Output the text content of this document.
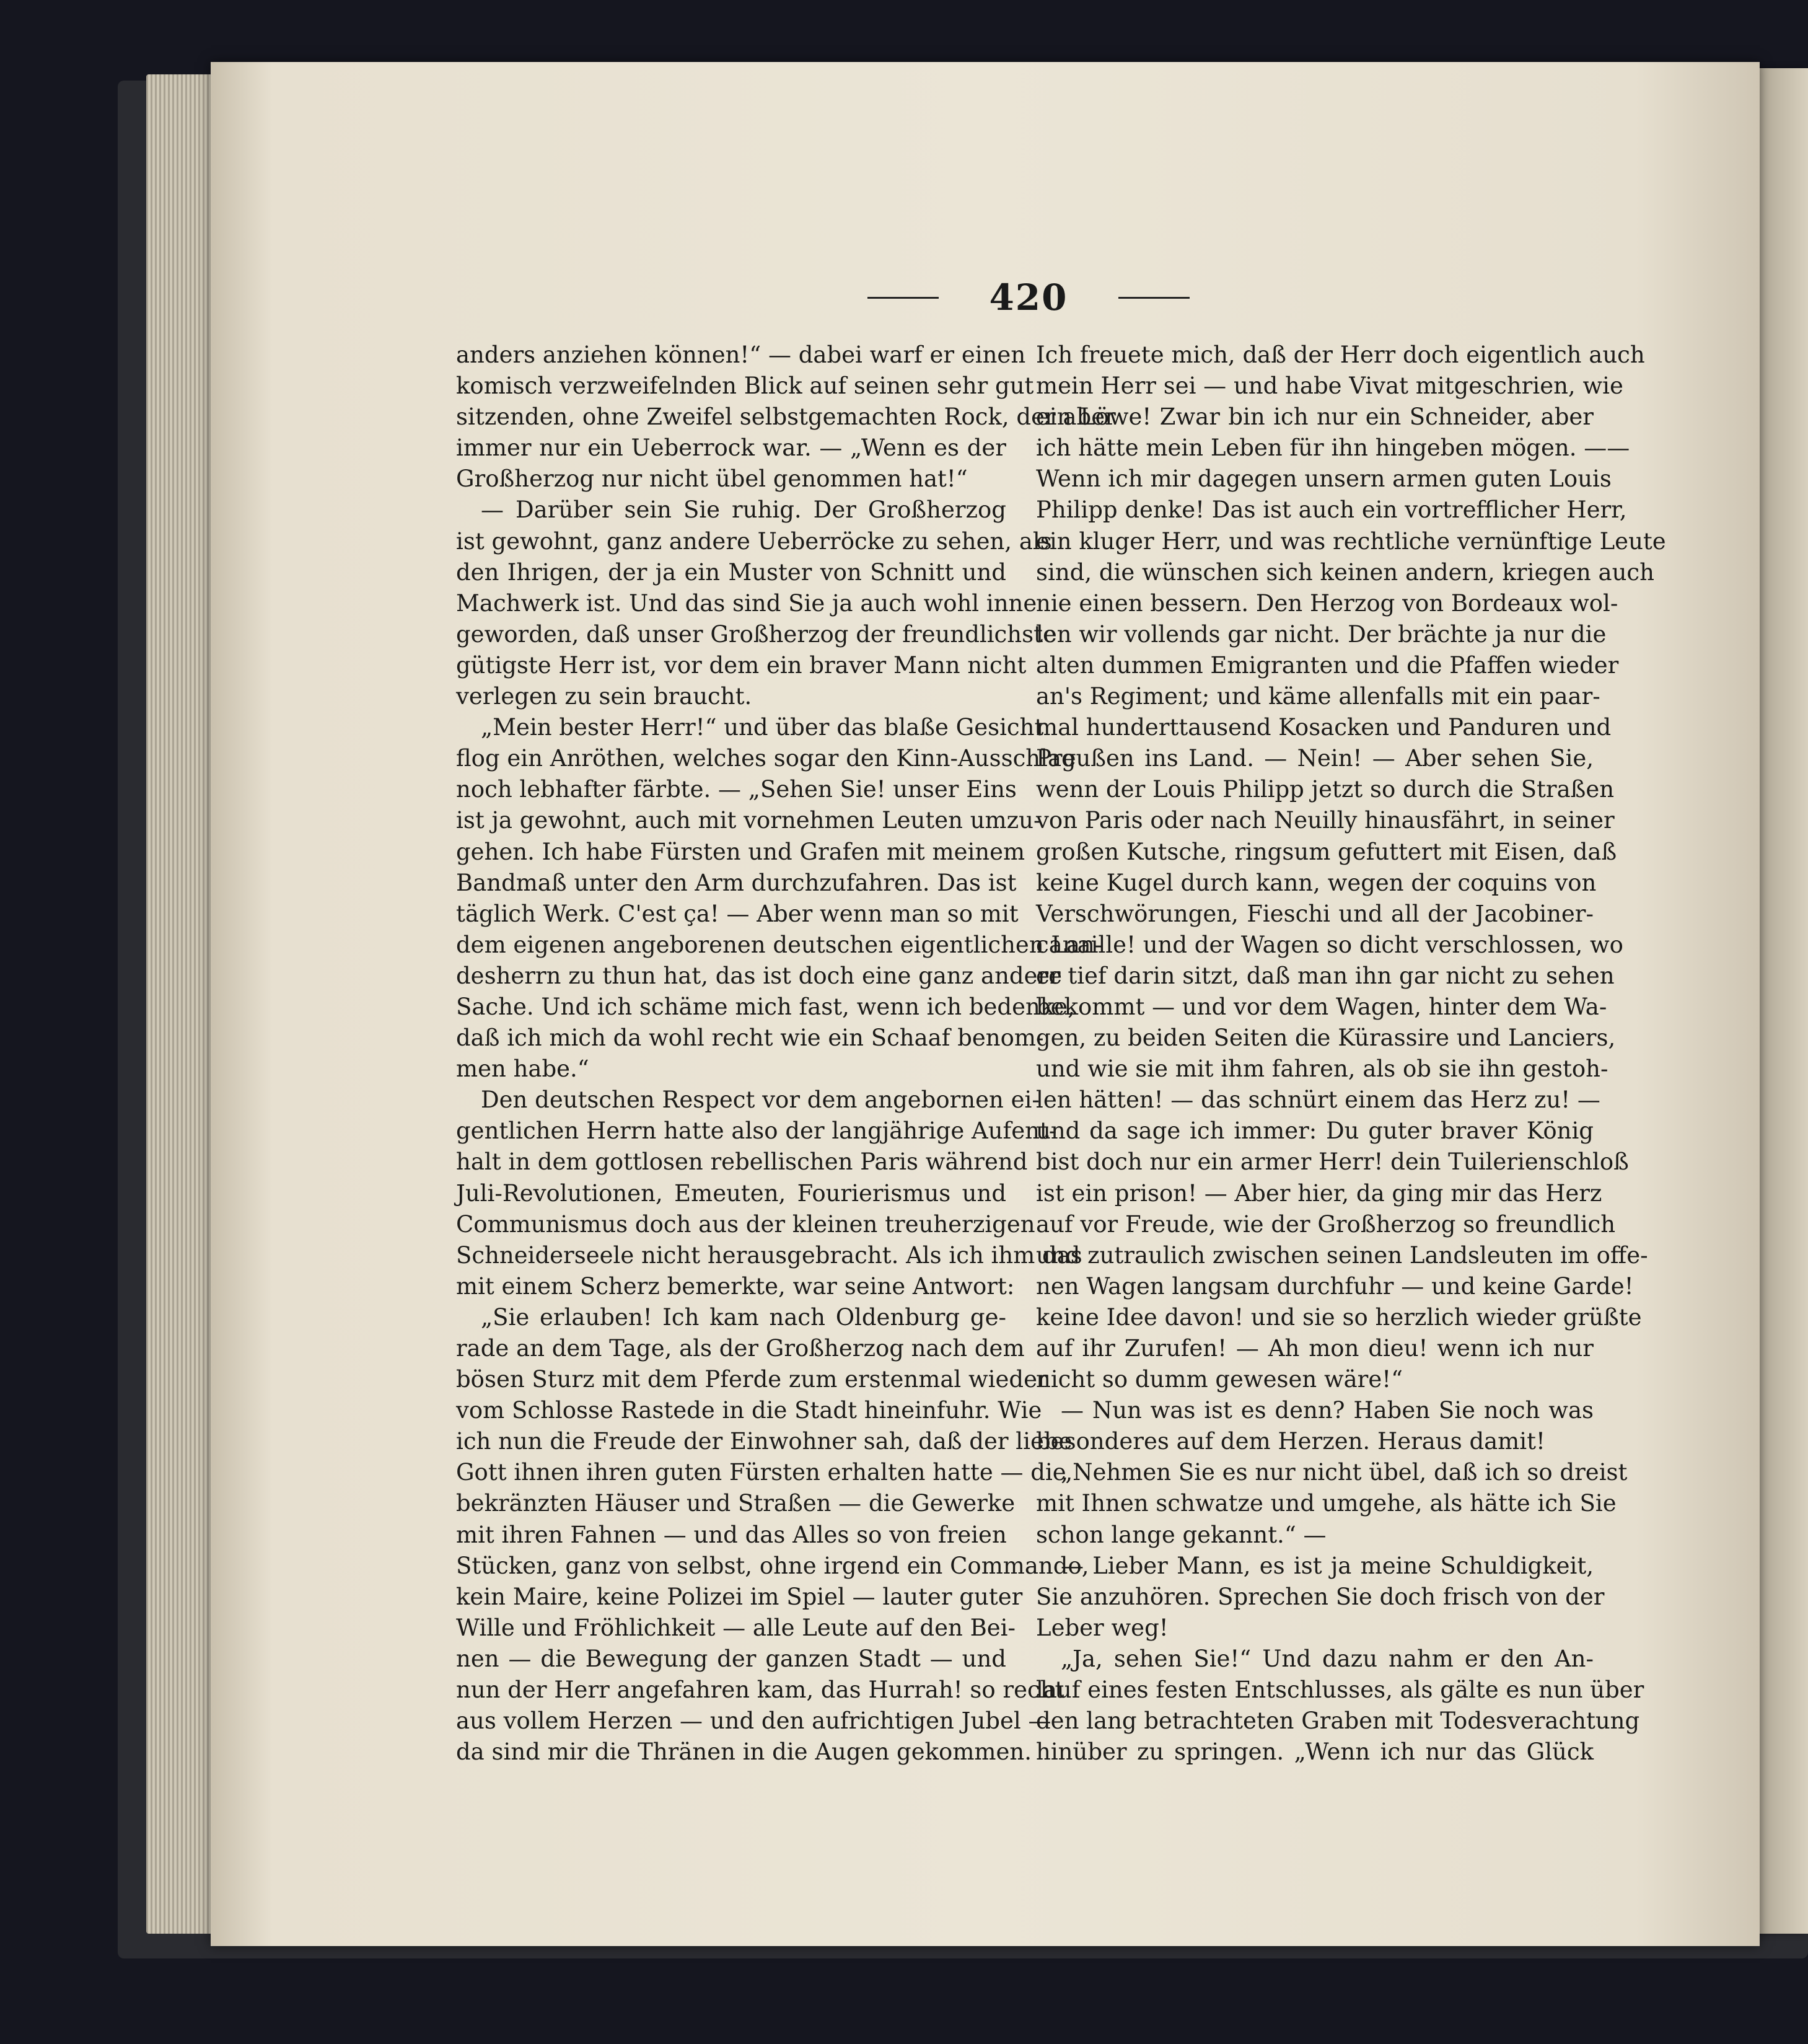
420
anders anziehen können!“ — dabei warf er einen
komisch verzweifelnden Blick auf seinen sehr gut
sitzenden, ohne Zweifel selbstgemachten Rock, der aber
immer nur ein Ueberrock war. — „Wenn es der
Großherzog nur nicht übel genommen hat!“
— Darüber sein Sie ruhig. Der Großherzog
ist gewohnt, ganz andere Ueberröcke zu sehen, als
den Ihrigen, der ja ein Muster von Schnitt und
Machwerk ist. Und das sind Sie ja auch wohl inne
geworden, daß unser Großherzog der freundlichste
gütigste Herr ist, vor dem ein braver Mann nicht
verlegen zu sein braucht.
„Mein bester Herr!“ und über das blaße Gesicht
flog ein Anröthen, welches sogar den Kinn-Ausschlag
noch lebhafter färbte. — „Sehen Sie! unser Eins
ist ja gewohnt, auch mit vornehmen Leuten umzu-
gehen. Ich habe Fürsten und Grafen mit meinem
Bandmaß unter den Arm durchzufahren. Das ist
täglich Werk. C'est ça! — Aber wenn man so mit
dem eigenen angeborenen deutschen eigentlichen Lan-
desherrn zu thun hat, das ist doch eine ganz andere
Sache. Und ich schäme mich fast, wenn ich bedenke,
daß ich mich da wohl recht wie ein Schaaf benom-
men habe.“
Den deutschen Respect vor dem angebornen ei-
gentlichen Herrn hatte also der langjährige Aufent-
halt in dem gottlosen rebellischen Paris während
Juli-Revolutionen, Emeuten, Fourierismus und
Communismus doch aus der kleinen treuherzigen
Schneiderseele nicht herausgebracht. Als ich ihm das
mit einem Scherz bemerkte, war seine Antwort:
„Sie erlauben! Ich kam nach Oldenburg ge-
rade an dem Tage, als der Großherzog nach dem
bösen Sturz mit dem Pferde zum erstenmal wieder
vom Schlosse Rastede in die Stadt hineinfuhr. Wie
ich nun die Freude der Einwohner sah, daß der liebe
Gott ihnen ihren guten Fürsten erhalten hatte — die
bekränzten Häuser und Straßen — die Gewerke
mit ihren Fahnen — und das Alles so von freien
Stücken, ganz von selbst, ohne irgend ein Commando,
kein Maire, keine Polizei im Spiel — lauter guter
Wille und Fröhlichkeit — alle Leute auf den Bei-
nen — die Bewegung der ganzen Stadt — und
nun der Herr angefahren kam, das Hurrah! so recht
aus vollem Herzen — und den aufrichtigen Jubel —
da sind mir die Thränen in die Augen gekommen.
Ich freuete mich, daß der Herr doch eigentlich auch
mein Herr sei — und habe Vivat mitgeschrien, wie
ein Löwe! Zwar bin ich nur ein Schneider, aber
ich hätte mein Leben für ihn hingeben mögen. ——
Wenn ich mir dagegen unsern armen guten Louis
Philipp denke! Das ist auch ein vortrefflicher Herr,
ein kluger Herr, und was rechtliche vernünftige Leute
sind, die wünschen sich keinen andern, kriegen auch
nie einen bessern. Den Herzog von Bordeaux wol-
len wir vollends gar nicht. Der brächte ja nur die
alten dummen Emigranten und die Pfaffen wieder
an's Regiment; und käme allenfalls mit ein paar-
mal hunderttausend Kosacken und Panduren und
Preußen ins Land. — Nein! — Aber sehen Sie,
wenn der Louis Philipp jetzt so durch die Straßen
von Paris oder nach Neuilly hinausfährt, in seiner
großen Kutsche, ringsum gefuttert mit Eisen, daß
keine Kugel durch kann, wegen der coquins von
Verschwörungen, Fieschi und all der Jacobiner-
canaille! und der Wagen so dicht verschlossen, wo
er tief darin sitzt, daß man ihn gar nicht zu sehen
bekommt — und vor dem Wagen, hinter dem Wa-
gen, zu beiden Seiten die Kürassire und Lanciers,
und wie sie mit ihm fahren, als ob sie ihn gestoh-
len hätten! — das schnürt einem das Herz zu! —
und da sage ich immer: Du guter braver König
bist doch nur ein armer Herr! dein Tuilerienschloß
ist ein prison! — Aber hier, da ging mir das Herz
auf vor Freude, wie der Großherzog so freundlich
und zutraulich zwischen seinen Landsleuten im offe-
nen Wagen langsam durchfuhr — und keine Garde!
keine Idee davon! und sie so herzlich wieder grüßte
auf ihr Zurufen! — Ah mon dieu! wenn ich nur
nicht so dumm gewesen wäre!“
— Nun was ist es denn? Haben Sie noch was
besonderes auf dem Herzen. Heraus damit!
„Nehmen Sie es nur nicht übel, daß ich so dreist
mit Ihnen schwatze und umgehe, als hätte ich Sie
schon lange gekannt.“ —
— Lieber Mann, es ist ja meine Schuldigkeit,
Sie anzuhören. Sprechen Sie doch frisch von der
Leber weg!
„Ja, sehen Sie!“ Und dazu nahm er den An-
lauf eines festen Entschlusses, als gälte es nun über
den lang betrachteten Graben mit Todesverachtung
hinüber zu springen. „Wenn ich nur das Glück
